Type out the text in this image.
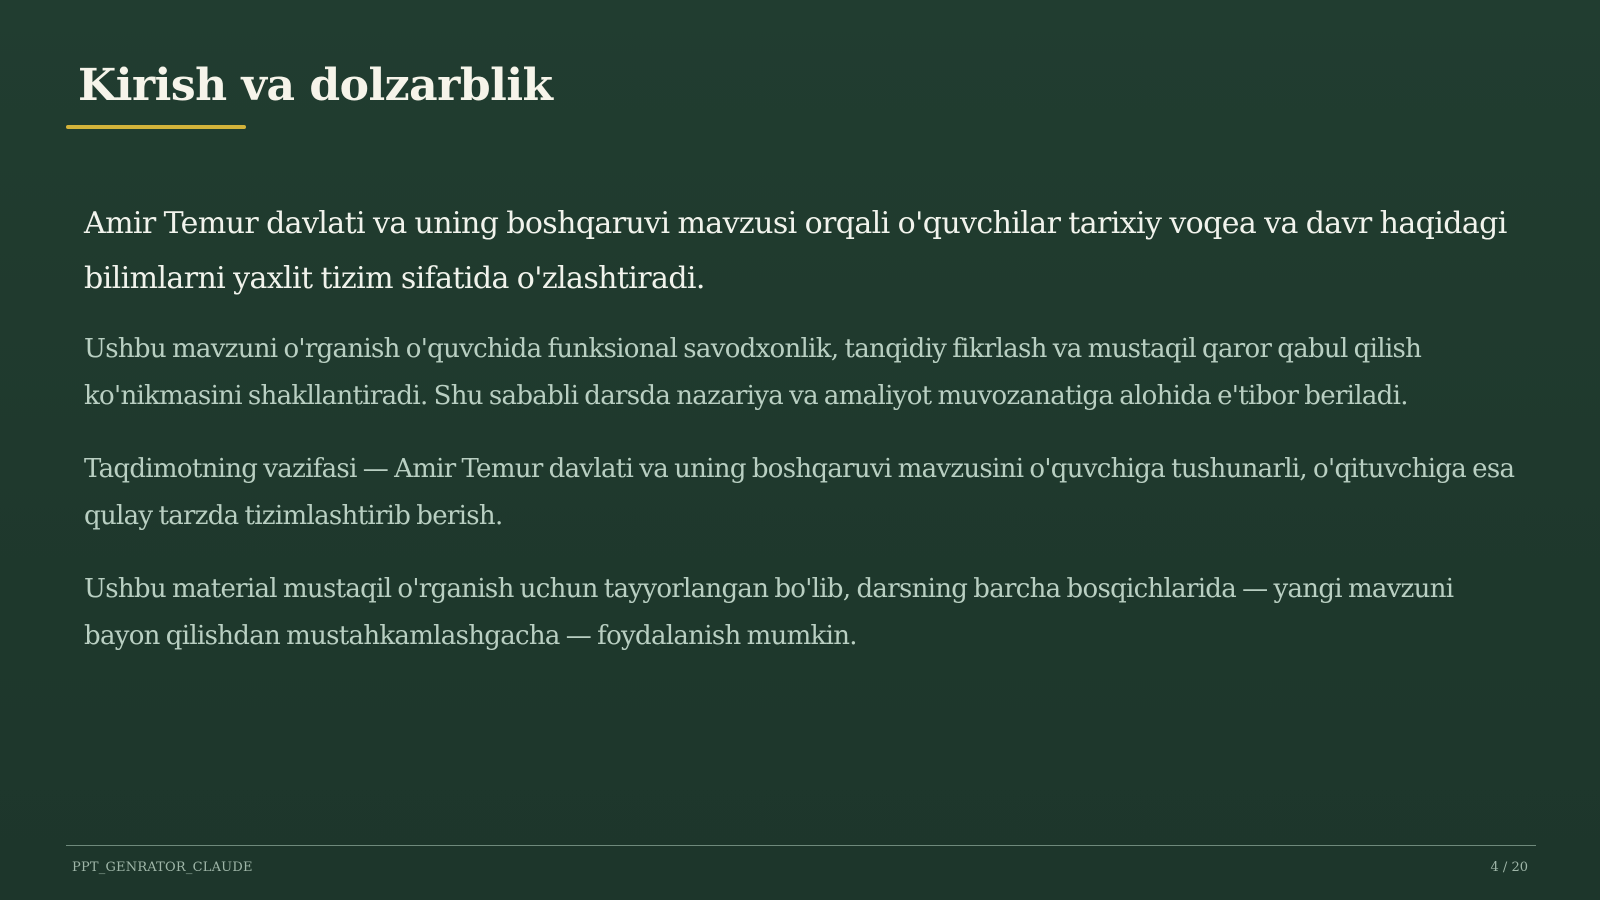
Kirish va dolzarblik

Amir Temur davlati va uning boshqaruvi mavzusi orqali o'quvchilar tarixiy voqea va davr haqidagi bilimlarni yaxlit tizim sifatida o'zlashtiradi.

Ushbu mavzuni o'rganish o'quvchida funksional savodxonlik, tanqidiy fikrlash va mustaqil qaror qabul qilish ko'nikmasini shakllantiradi. Shu sababli darsda nazariya va amaliyot muvozanatiga alohida e'tibor beriladi.

Taqdimotning vazifasi — Amir Temur davlati va uning boshqaruvi mavzusini o'quvchiga tushunarli, o'qituvchiga esa qulay tarzda tizimlashtirib berish.

Ushbu material mustaqil o'rganish uchun tayyorlangan bo'lib, darsning barcha bosqichlarida — yangi mavzuni bayon qilishdan mustahkamlashgacha — foydalanish mumkin.

PPT_GENRATOR_CLAUDE	4 / 20
